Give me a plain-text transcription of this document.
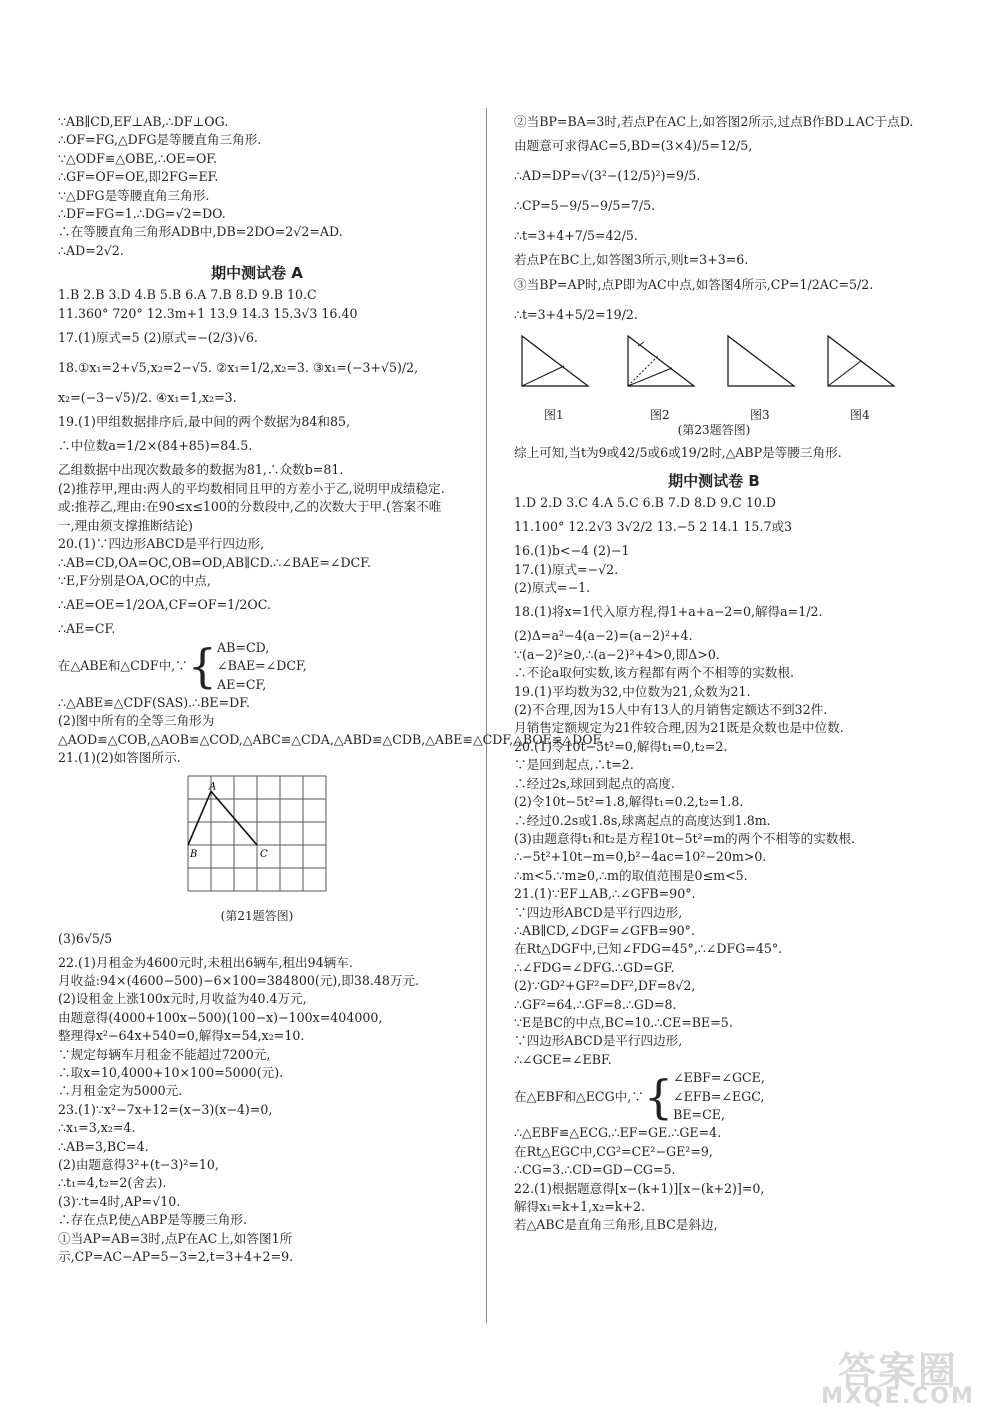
∵AB∥CD,EF⊥AB,∴DF⊥OG.
∴OF=FG,△DFG是等腰直角三角形.
∵△ODF≌△OBE,∴OE=OF.
∴GF=OF=OE,即2FG=EF.
∵△DFG是等腰直角三角形.
∴DF=FG=1.∴DG=√2=DO.
∴在等腰直角三角形ADB中,DB=2DO=2√2=AD.
∴AD=2√2.
期中测试卷 A
1.B 2.B 3.D 4.B 5.B 6.A 7.B 8.D 9.B 10.C
11.360° 720° 12.3m+1 13.9 14.3 15.3√3 16.40
17.(1)原式=5 (2)原式=−(2/3)√6.
18.①x₁=2+√5,x₂=2−√5. ②x₁=1/2,x₂=3. ③x₁=(−3+√5)/2,
x₂=(−3−√5)/2. ④x₁=1,x₂=3.
19.(1)甲组数据排序后,最中间的两个数据为84和85,
∴中位数a=1/2×(84+85)=84.5.
乙组数据中出现次数最多的数据为81,∴众数b=81.
(2)推荐甲,理由:两人的平均数相同且甲的方差小于乙,说明甲成绩稳定.
或:推荐乙,理由:在90≤x≤100的分数段中,乙的次数大于甲.(答案不唯一,理由须支撑推断结论)
20.(1)∵四边形ABCD是平行四边形,
∴AB=CD,OA=OC,OB=OD,AB∥CD.∴∠BAE=∠DCF.
∵E,F分别是OA,OC的中点,
∴AE=OE=1/2OA,CF=OF=1/2OC.
∴AE=CF.
在△ABE和△CDF中,∵ { AB=CD,
∠BAE=∠DCF,
AE=CF,
∴△ABE≌△CDF(SAS).∴BE=DF.
(2)图中所有的全等三角形为△AOD≌△COB,△AOB≌△COD,△ABC≌△CDA,△ABD≌△CDB,△ABE≌△CDF,△BOE≌△DOF.
21.(1)(2)如答图所示.
A
B	C
(第21题答图)
(3)6√5/5
22.(1)月租金为4600元时,未租出6辆车,租出94辆车.
月收益:94×(4600−500)−6×100=384800(元),即38.48万元.
(2)设租金上涨100x元时,月收益为40.4万元,
由题意得(4000+100x−500)(100−x)−100x=404000,
整理得x²−64x+540=0,解得x=54,x₂=10.
∵规定每辆车月租金不能超过7200元,
∴取x=10,4000+10×100=5000(元).
∴月租金定为5000元.
23.(1)∵x²−7x+12=(x−3)(x−4)=0,
∴x₁=3,x₂=4.
∴AB=3,BC=4.
(2)由题意得3²+(t−3)²=10,
∴t₁=4,t₂=2(舍去).
(3)∵t=4时,AP=√10.
∴存在点P,使△ABP是等腰三角形.
①当AP=AB=3时,点P在AC上,如答图1所示,CP=AC−AP=5−3=2,t=3+4+2=9.
②当BP=BA=3时,若点P在AC上,如答图2所示,过点B作BD⊥AC于点D.
由题意可求得AC=5,BD=(3×4)/5=12/5,
∴AD=DP=√(3²−(12/5)²)=9/5.
∴CP=5−9/5−9/5=7/5.
∴t=3+4+7/5=42/5.
若点P在BC上,如答图3所示,则t=3+3=6.
③当BP=AP时,点P即为AC中点,如答图4所示,CP=1/2AC=5/2.
∴t=3+4+5/2=19/2.
图1	图2	图3	图4
(第23题答图)
综上可知,当t为9或42/5或6或19/2时,△ABP是等腰三角形.
期中测试卷 B
1.D 2.D 3.C 4.A 5.C 6.B 7.D 8.D 9.C 10.D
11.100° 12.2√3 3√2/2 13.−5 2 14.1 15.7或3
16.(1)b<−4 (2)−1
17.(1)原式=−√2.
(2)原式=−1.
18.(1)将x=1代入原方程,得1+a+a−2=0,解得a=1/2.
(2)Δ=a²−4(a−2)=(a−2)²+4.
∵(a−2)²≥0,∴(a−2)²+4>0,即Δ>0.
∴不论a取何实数,该方程都有两个不相等的实数根.
19.(1)平均数为32,中位数为21,众数为21.
(2)不合理,因为15人中有13人的月销售定额达不到32件.
月销售定额规定为21件较合理,因为21既是众数也是中位数.
20.(1)令10t−5t²=0,解得t₁=0,t₂=2.
∵是回到起点,∴t=2.
∴经过2s,球回到起点的高度.
(2)令10t−5t²=1.8,解得t₁=0.2,t₂=1.8.
∴经过0.2s或1.8s,球离起点的高度达到1.8m.
(3)由题意得t₁和t₂是方程10t−5t²=m的两个不相等的实数根.
∴−5t²+10t−m=0,b²−4ac=10²−20m>0.
∴m<5.∵m≥0,∴m的取值范围是0≤m<5.
21.(1)∵EF⊥AB,∴∠GFB=90°.
∵四边形ABCD是平行四边形,
∴AB∥CD,∠DGF=∠GFB=90°.
在Rt△DGF中,已知∠FDG=45°,∴∠DFG=45°.
∴∠FDG=∠DFG.∴GD=GF.
(2)∵GD²+GF²=DF²,DF=8√2,
∴GF²=64.∴GF=8.∴GD=8.
∵E是BC的中点,BC=10.∴CE=BE=5.
∵四边形ABCD是平行四边形,
∴∠GCE=∠EBF.
在△EBF和△ECG中,∵ { ∠EBF=∠GCE,
∠EFB=∠EGC,
BE=CE,
∴△EBF≌△ECG.∴EF=GE.∴GE=4.
在Rt△EGC中,CG²=CE²−GE²=9,
∴CG=3.∴CD=GD−CG=5.
22.(1)根据题意得[x−(k+1)][x−(k+2)]=0,
解得x₁=k+1,x₂=k+2.
若△ABC是直角三角形,且BC是斜边,
答案圈
MXQE.COM
